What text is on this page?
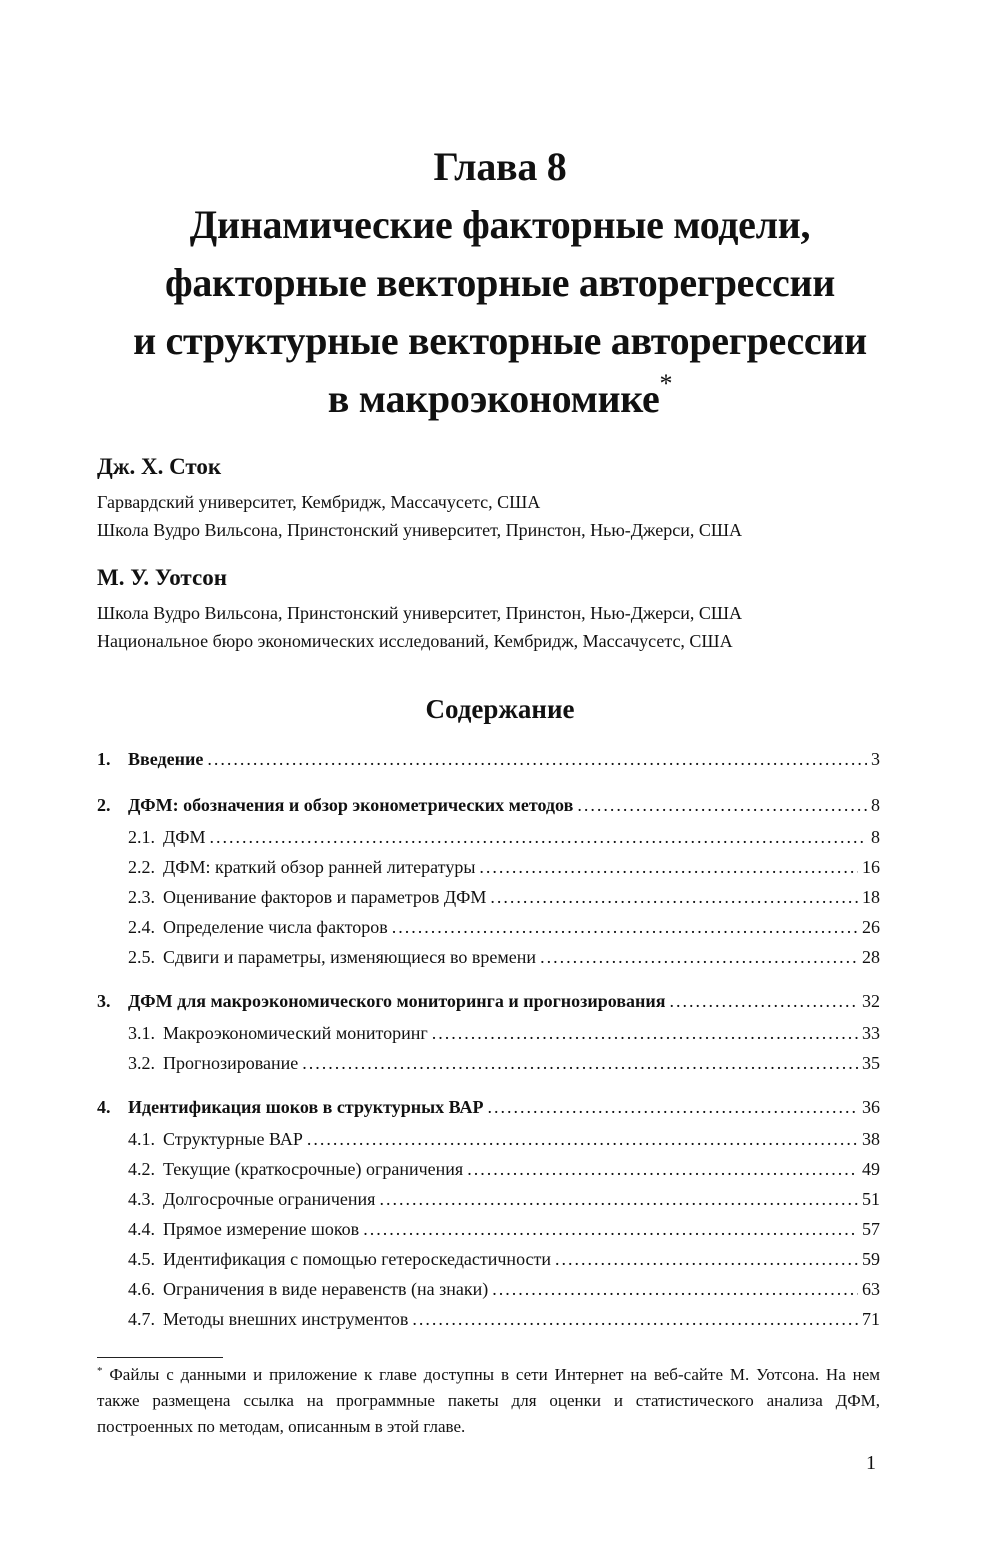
Глава 8
Динамические факторные модели,
факторные векторные авторегрессии
и структурные векторные авторегрессии
в макроэкономике*
Дж. Х. Сток
Гарвардский университет, Кембридж, Массачусетс, США
Школа Вудро Вильсона, Принстонский университет, Принстон, Нью-Джерси, США
М. У. Уотсон
Школа Вудро Вильсона, Принстонский университет, Принстон, Нью-Джерси, США
Национальное бюро экономических исследований, Кембридж, Массачусетс, США
Содержание
1. Введение .....	3
2. ДФМ: обозначения и обзор эконометрических методов .....	8
2.1. ДФМ .....	8
2.2. ДФМ: краткий обзор ранней литературы .....	16
2.3. Оценивание факторов и параметров ДФМ .....	18
2.4. Определение числа факторов .....	26
2.5. Сдвиги и параметры, изменяющиеся во времени .....	28
3. ДФМ для макроэкономического мониторинга и прогнозирования .....	32
3.1. Макроэкономический мониторинг .....	33
3.2. Прогнозирование .....	35
4. Идентификация шоков в структурных ВАР .....	36
4.1. Структурные ВАР .....	38
4.2. Текущие (краткосрочные) ограничения .....	49
4.3. Долгосрочные ограничения .....	51
4.4. Прямое измерение шоков .....	57
4.5. Идентификация с помощью гетероскедастичности .....	59
4.6. Ограничения в виде неравенств (на знаки) .....	63
4.7. Методы внешних инструментов .....	71
* Файлы с данными и приложение к главе доступны в сети Интернет на веб-сайте М. Уотсона. На нем также размещена ссылка на программные пакеты для оценки и статистического анализа ДФМ, построенных по методам, описанным в этой главе.
1
